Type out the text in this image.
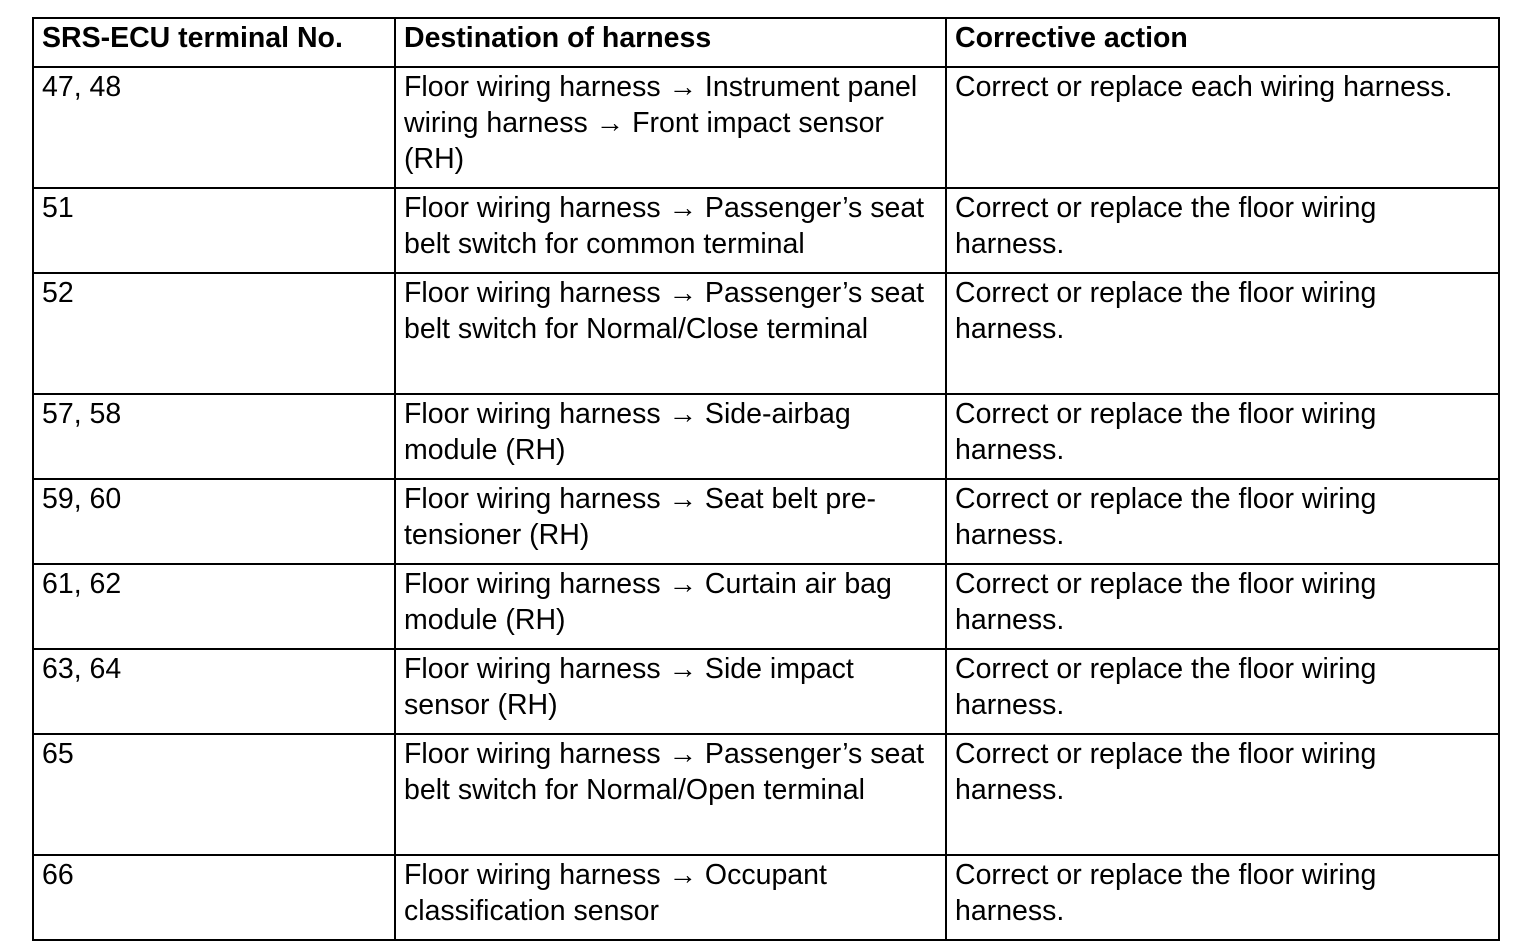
SRS-ECU terminal No.	Destination of harness	Corrective action
47, 48	Floor wiring harness → Instrument panel wiring harness → Front impact sensor (RH)	Correct or replace each wiring harness.
51	Floor wiring harness → Passenger’s seat belt switch for common terminal	Correct or replace the floor wiring harness.
52	Floor wiring harness → Passenger’s seat belt switch for Normal/Close terminal	Correct or replace the floor wiring harness.
57, 58	Floor wiring harness → Side-airbag module (RH)	Correct or replace the floor wiring harness.
59, 60	Floor wiring harness → Seat belt pre-tensioner (RH)	Correct or replace the floor wiring harness.
61, 62	Floor wiring harness → Curtain air bag module (RH)	Correct or replace the floor wiring harness.
63, 64	Floor wiring harness → Side impact sensor (RH)	Correct or replace the floor wiring harness.
65	Floor wiring harness → Passenger’s seat belt switch for Normal/Open terminal	Correct or replace the floor wiring harness.
66	Floor wiring harness → Occupant classification sensor	Correct or replace the floor wiring harness.
